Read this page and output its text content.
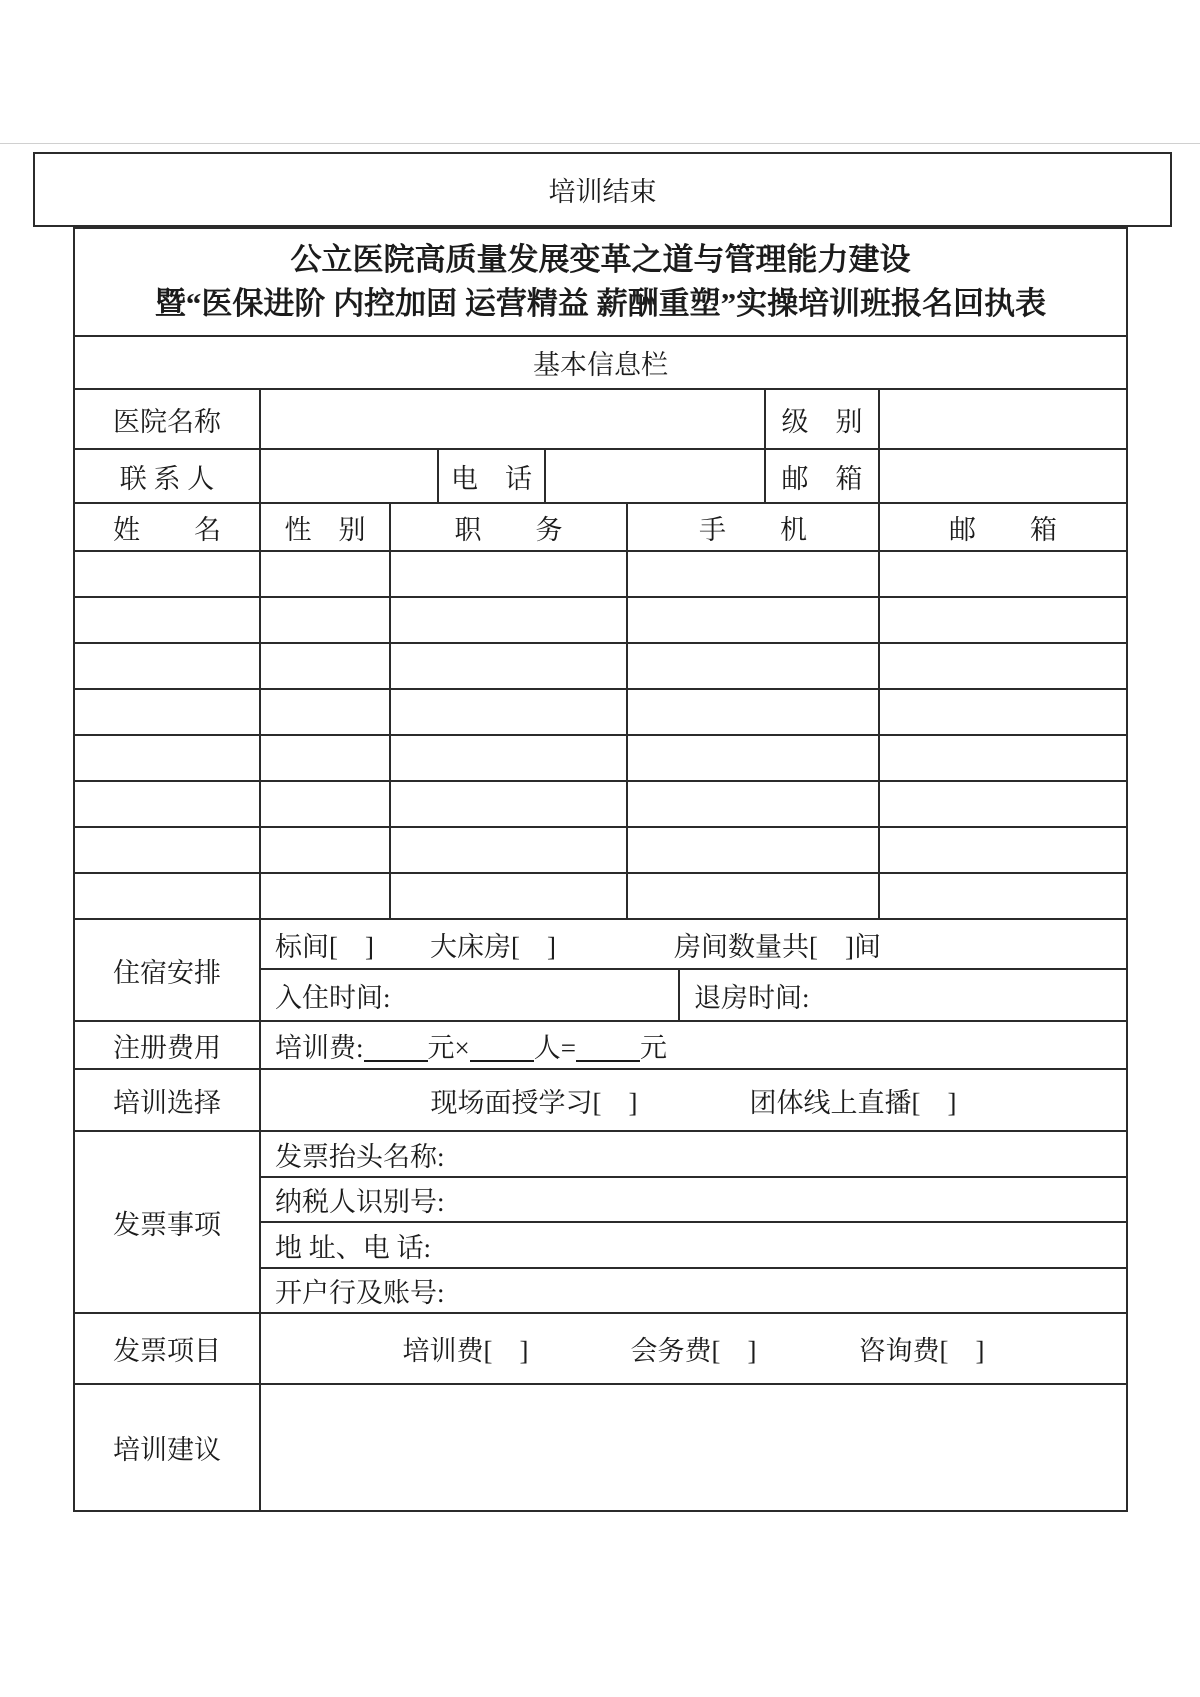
培训结束
公立医院高质量发展变革之道与管理能力建设
暨“医保进阶 内控加固 运营精益 薪酬重塑”实操培训班报名回执表								

基本信息栏								
医院名称							级　别	
联 系 人			电　话				邮　箱	
姓　　名	性　别	职　　务			手　　机			邮　　箱

住宿安排	标间[　] 大床房[　] 房间数量共[　]间							

	入住时间:					退房时间:		
注册费用	培训费: 元× 人= 元							
培训选择	现场面授学习[　] 团体线上直播[　]							

发票事项	发票抬头名称:							
	纳税人识别号:							
	地 址、电 话:							
	开户行及账号:							
发票项目	培训费[　] 会务费[　] 咨询费[　]							

培训建议								
